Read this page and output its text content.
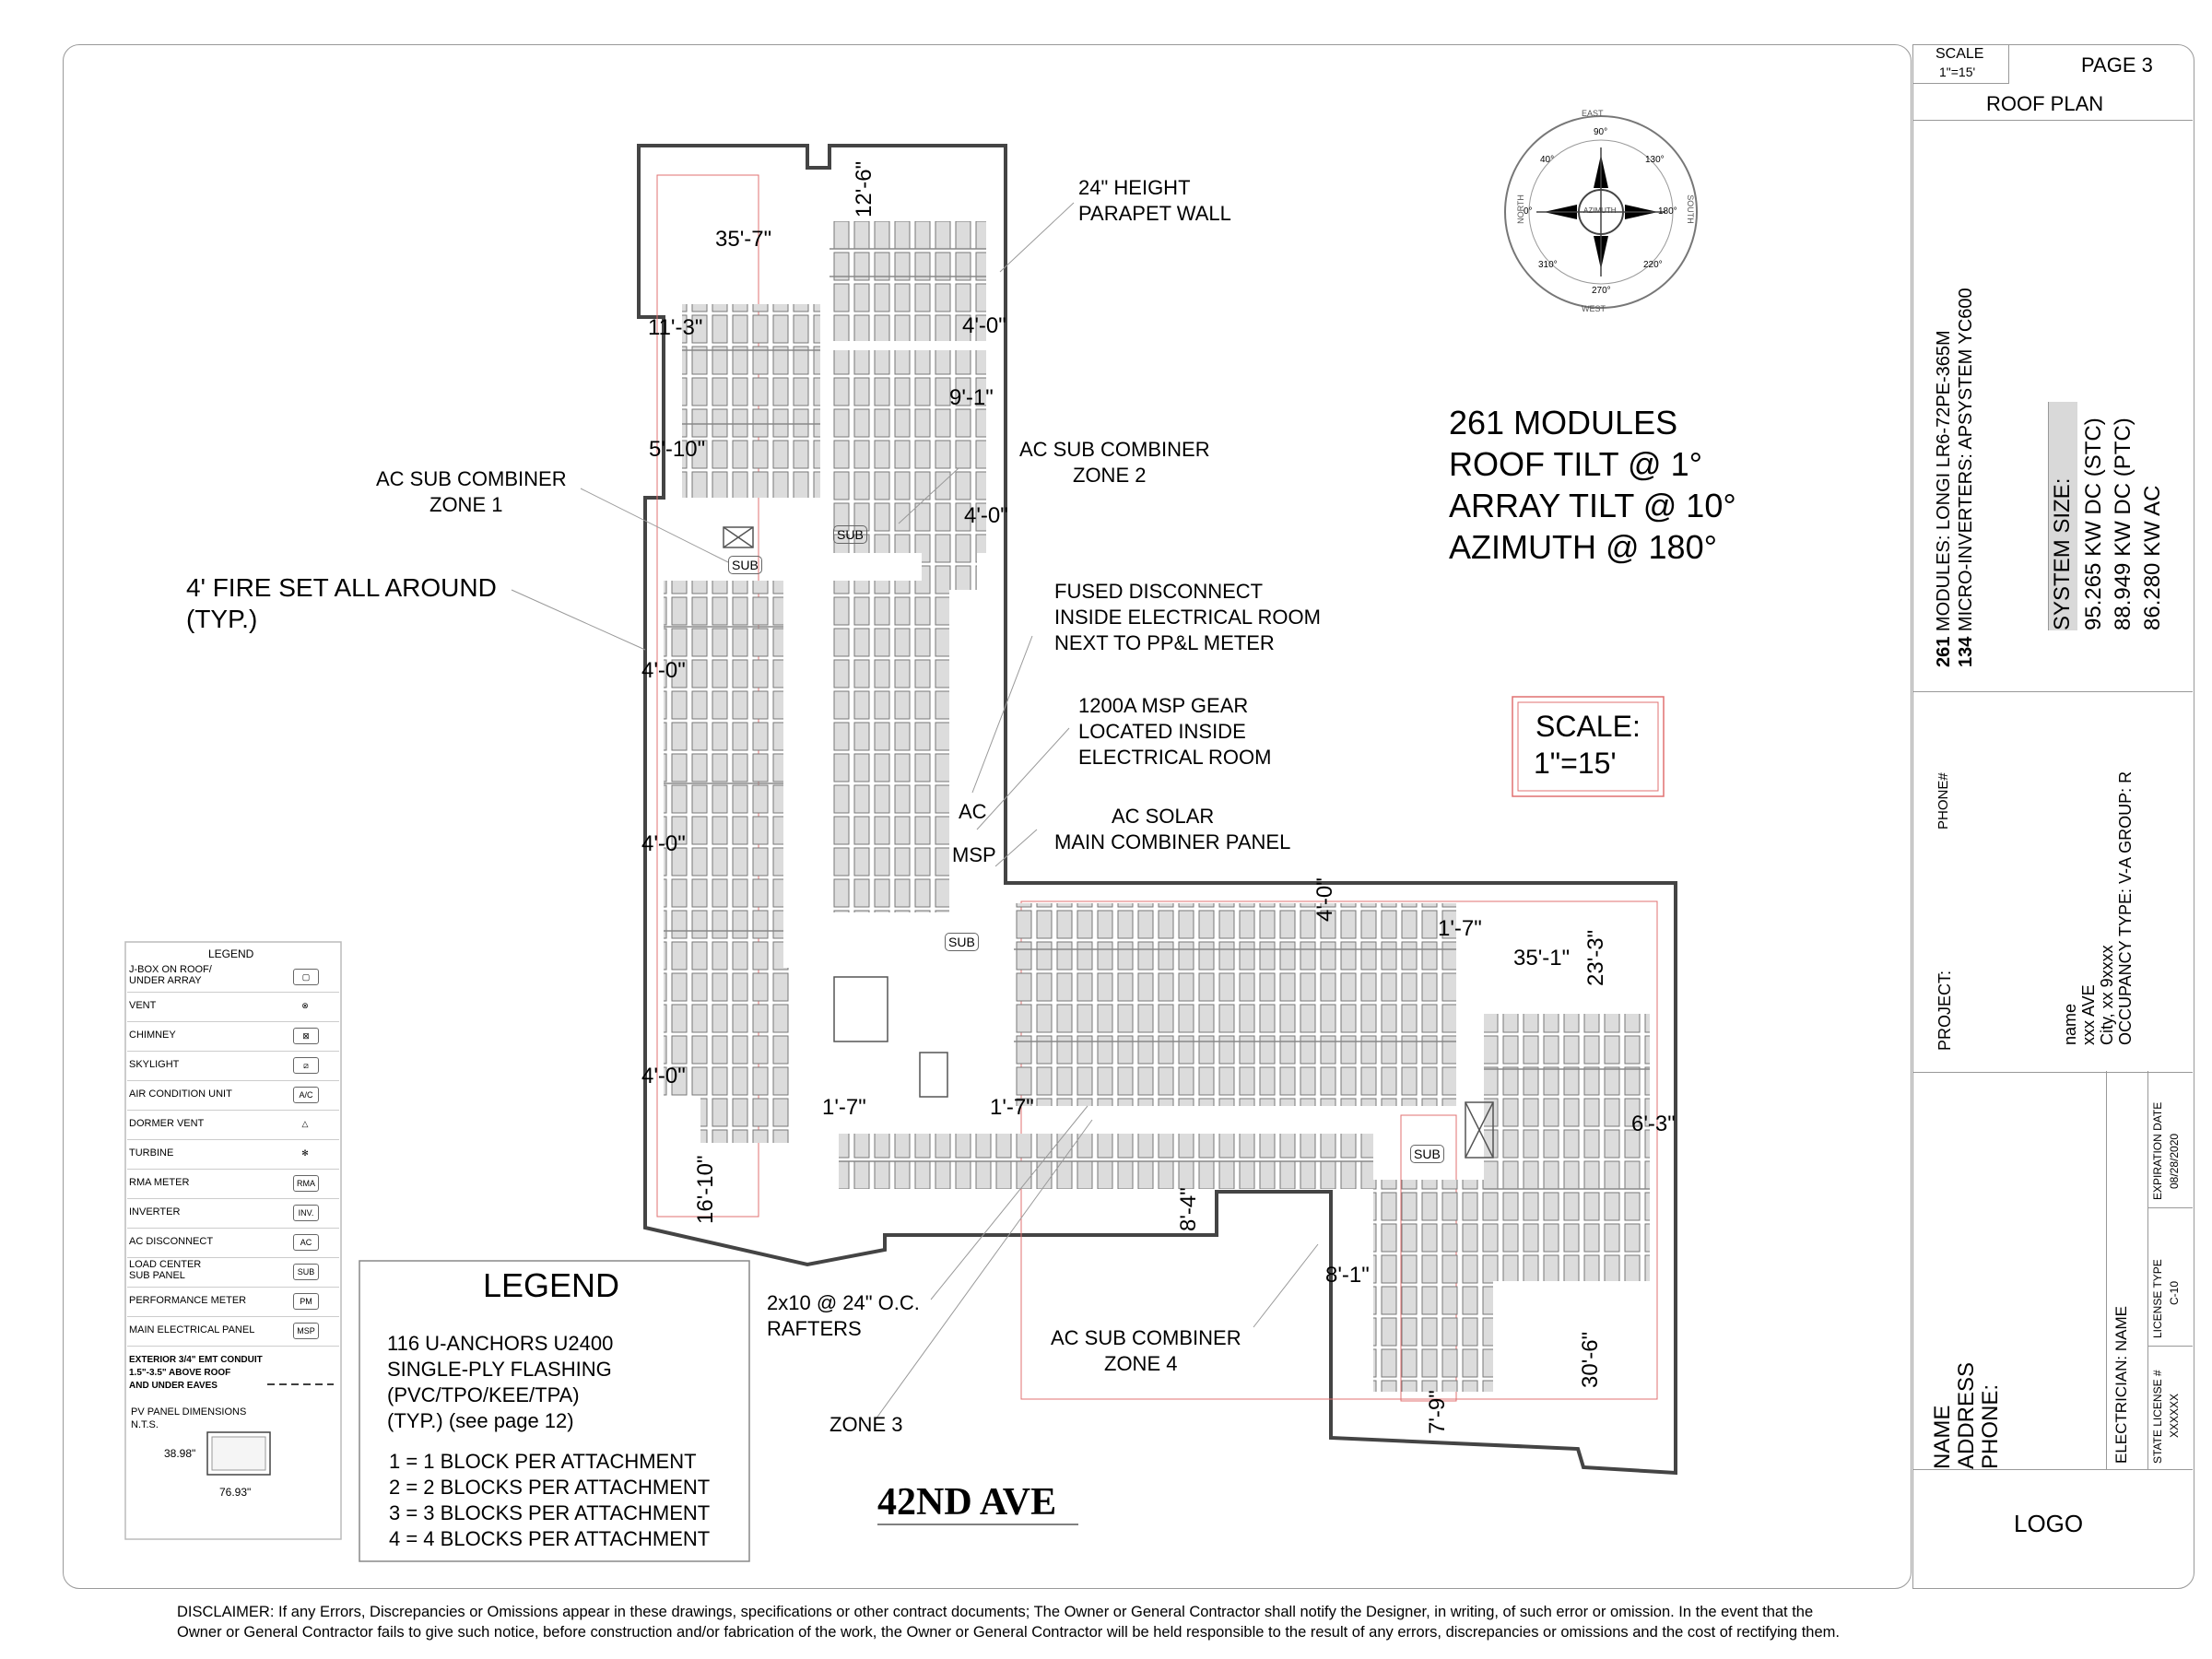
SCALE
1"=15'	PAGE 3
ROOF PLAN
261 MODULES: LONGI LR6-72PE-365M
134 MICRO-INVERTERS: APSYSTEM YC600	SYSTEM SIZE: 95.265 KW DC (STC) 88.949 KW DC (PTC) 86.280 KW AC
PROJECT:
PHONE#
name xxx AVE City, xx 9xxxx OCCUPANCY TYPE: V-A GROUP: R
NAME ADDRESS PHONE:	ELECTRICIAN: NAME
EXPIRATION DATE 08/28/2020
LICENSE TYPE C-10
STATE LICENSE # XXXXXX
LOGO
AZIMUTH
NORTH
EAST
SOUTH
WEST
0°
90°
180°
270°
40°	130°
220°
310°
261 MODULES
ROOF TILT @ 1°
ARRAY TILT @ 10°
AZIMUTH @ 180°
SCALE:
1"=15'
24" HEIGHT
PARAPET WALL
AC SUB COMBINER
ZONE 1
AC SUB COMBINER
ZONE 2
4' FIRE SET ALL AROUND
(TYP.)
FUSED DISCONNECT
INSIDE ELECTRICAL ROOM
NEXT TO PP&L METER
1200A MSP GEAR
LOCATED INSIDE
ELECTRICAL ROOM
AC SOLAR
MAIN COMBINER PANEL
2x10 @ 24" O.C.
RAFTERS	AC SUB COMBINER
ZONE 4
ZONE 3
42ND AVE
SUB
SUB
SUB
SUB
AC
MSP
35'-7"
12'-6"
11'-3"	4'-0"
9'-1"
5'-10"
4'-0"
4'-0"
4'-0"
4'-0"
4'-0"
1'-7"
35'-1" 23'-3"
1'-7"	1'-7"
6'-3"
16'-10"	8'-4"
8'-1"
30'-6"
7'-9"
LEGEND
J-BOX ON ROOF/
UNDER ARRAY	▢
VENT	⊗
CHIMNEY	⊠
SKYLIGHT	⧄
AIR CONDITION UNIT	A/C
DORMER VENT	△
TURBINE	✻
RMA METER	RMA
INVERTER	INV.
AC DISCONNECT	AC
LOAD CENTER
SUB PANEL	SUB
PERFORMANCE METER	PM
MAIN ELECTRICAL PANEL	MSP
EXTERIOR 3/4" EMT CONDUIT
1.5"-3.5" ABOVE ROOF
AND UNDER EAVES
PV PANEL DIMENSIONS
N.T.S.
38.98"
76.93"
LEGEND
116 U-ANCHORS U2400
SINGLE-PLY FLASHING
(PVC/TPO/KEE/TPA)
(TYP.) (see page 12)
1 = 1 BLOCK PER ATTACHMENT
2 = 2 BLOCKS PER ATTACHMENT
3 = 3 BLOCKS PER ATTACHMENT
4 = 4 BLOCKS PER ATTACHMENT
DISCLAIMER: If any Errors, Discrepancies or Omissions appear in these drawings, specifications or other contract documents; The Owner or General Contractor shall notify the Designer, in writing, of such error or omission. In the event that the
Owner or General Contractor fails to give such notice, before construction and/or fabrication of the work, the Owner or General Contractor will be held responsible to the result of any errors, discrepancies or omissions and the cost of rectifying them.
